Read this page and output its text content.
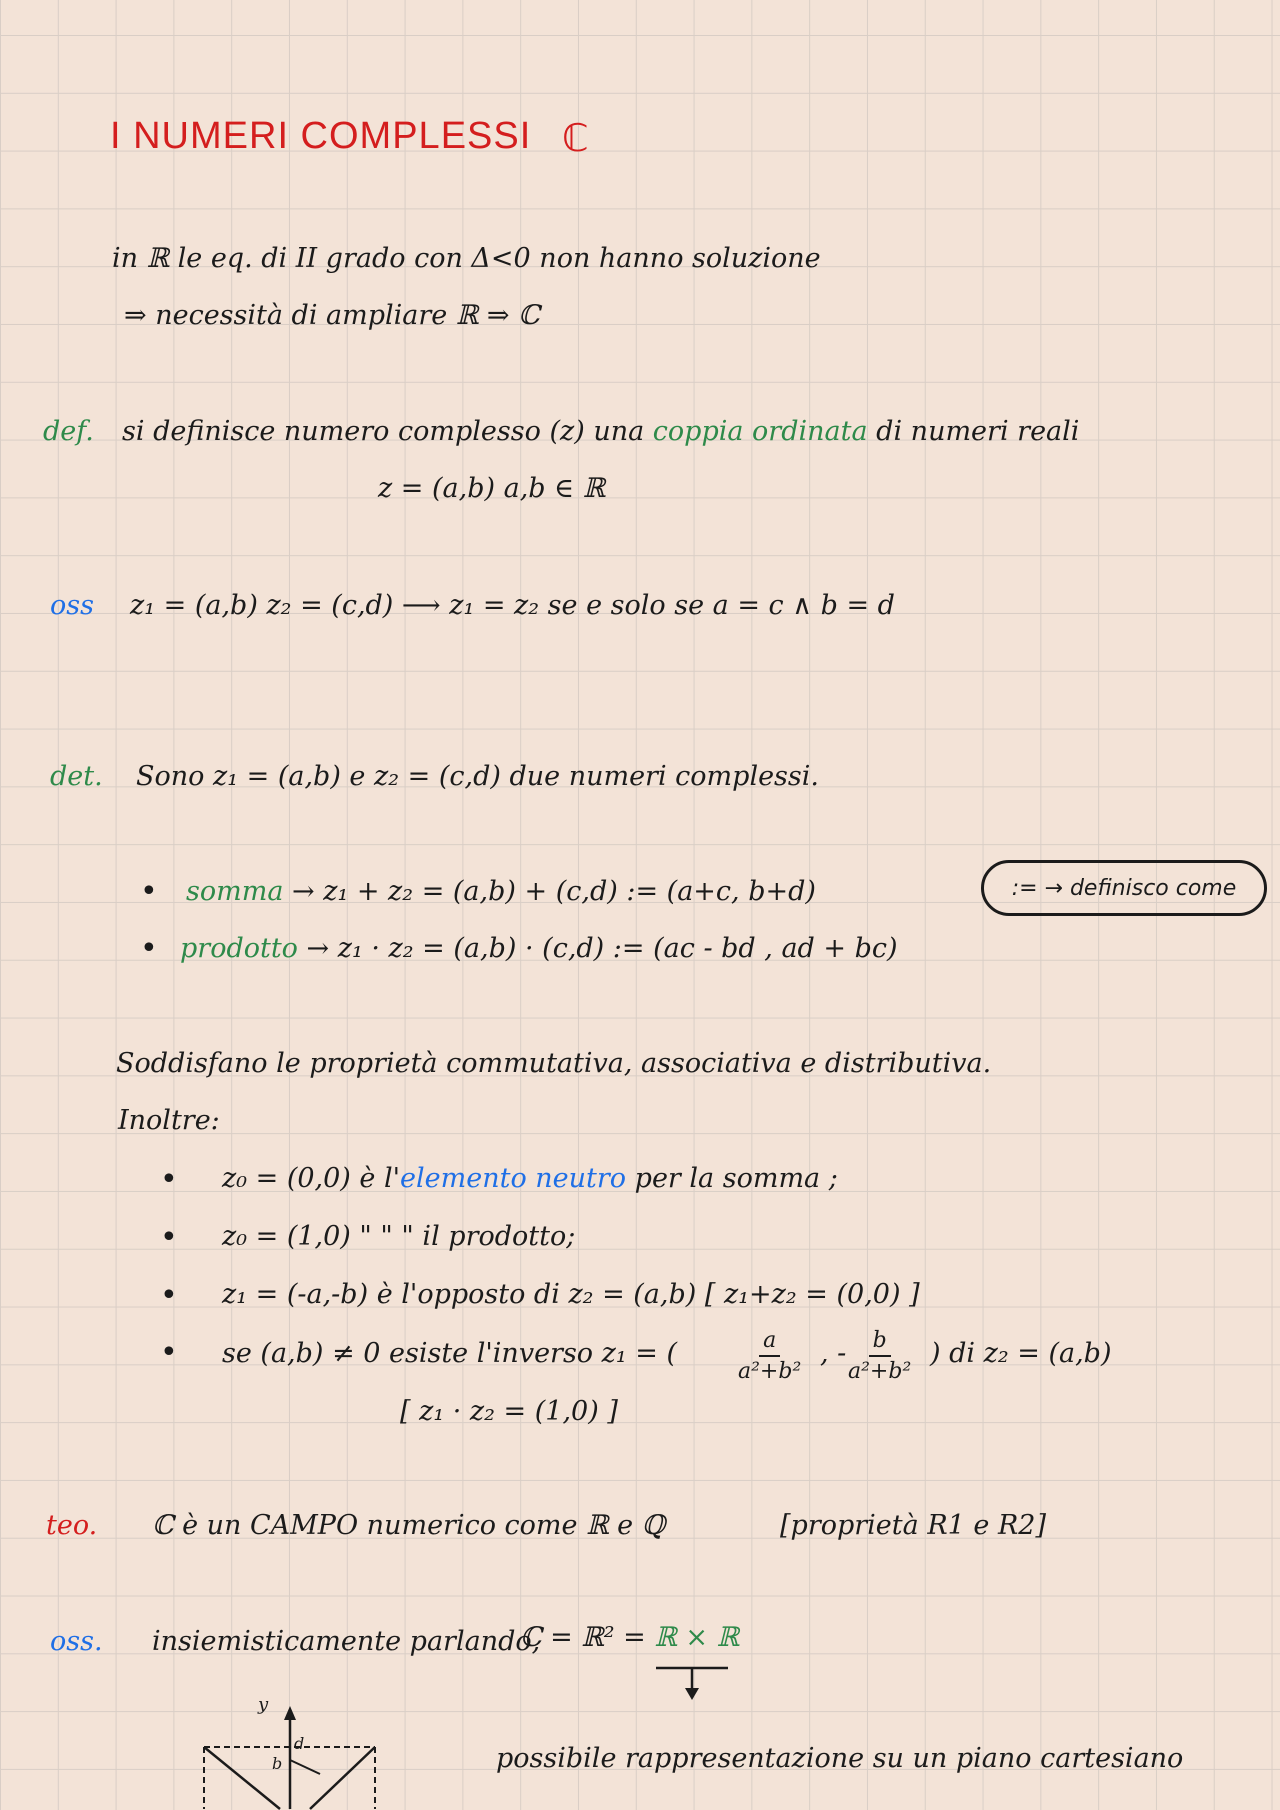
I NUMERI COMPLESSI ℂ
in ℝ le eq. di II grado con Δ<0 non hanno soluzione
⇒ necessità di ampliare ℝ ⇒ ℂ
def. si definisce numero complesso (z) una coppia ordinata di numeri reali
z = (a,b) a,b ∈ ℝ
oss z₁ = (a,b) z₂ = (c,d) ⟶ z₁ = z₂ se e solo se a = c ∧ b = d
det. Sono z₁ = (a,b) e z₂ = (c,d) due numeri complessi.
• somma → z₁ + z₂ = (a,b) + (c,d) := (a+c, b+d)
• prodotto → z₁ · z₂ = (a,b) · (c,d) := (ac - bd , ad + bc)
:= → definisco come
Soddisfano le proprietà commutativa, associativa e distributiva.
Inoltre:
• z₀ = (0,0) è l'elemento neutro per la somma ;
• z₀ = (1,0) " " " il prodotto;
• z₁ = (-a,-b) è l'opposto di z₂ = (a,b) [ z₁+z₂ = (0,0) ]
• se (a,b) ≠ 0 esiste l'inverso z₁ = (	$\frac{a}{\text{a²+b²}}$ , - $\frac{b}{\text{a²+b²}}$ ) di z₂ = (a,b)
[ z₁ · z₂ = (1,0) ]
teo. ℂ è un CAMPO numerico come ℝ e ℚ	[proprietà R1 e R2]
oss. insiemisticamente parlando,
ℂ = ℝ² = ℝ × ℝ
y
d
b	possibile rappresentazione su un piano cartesiano
